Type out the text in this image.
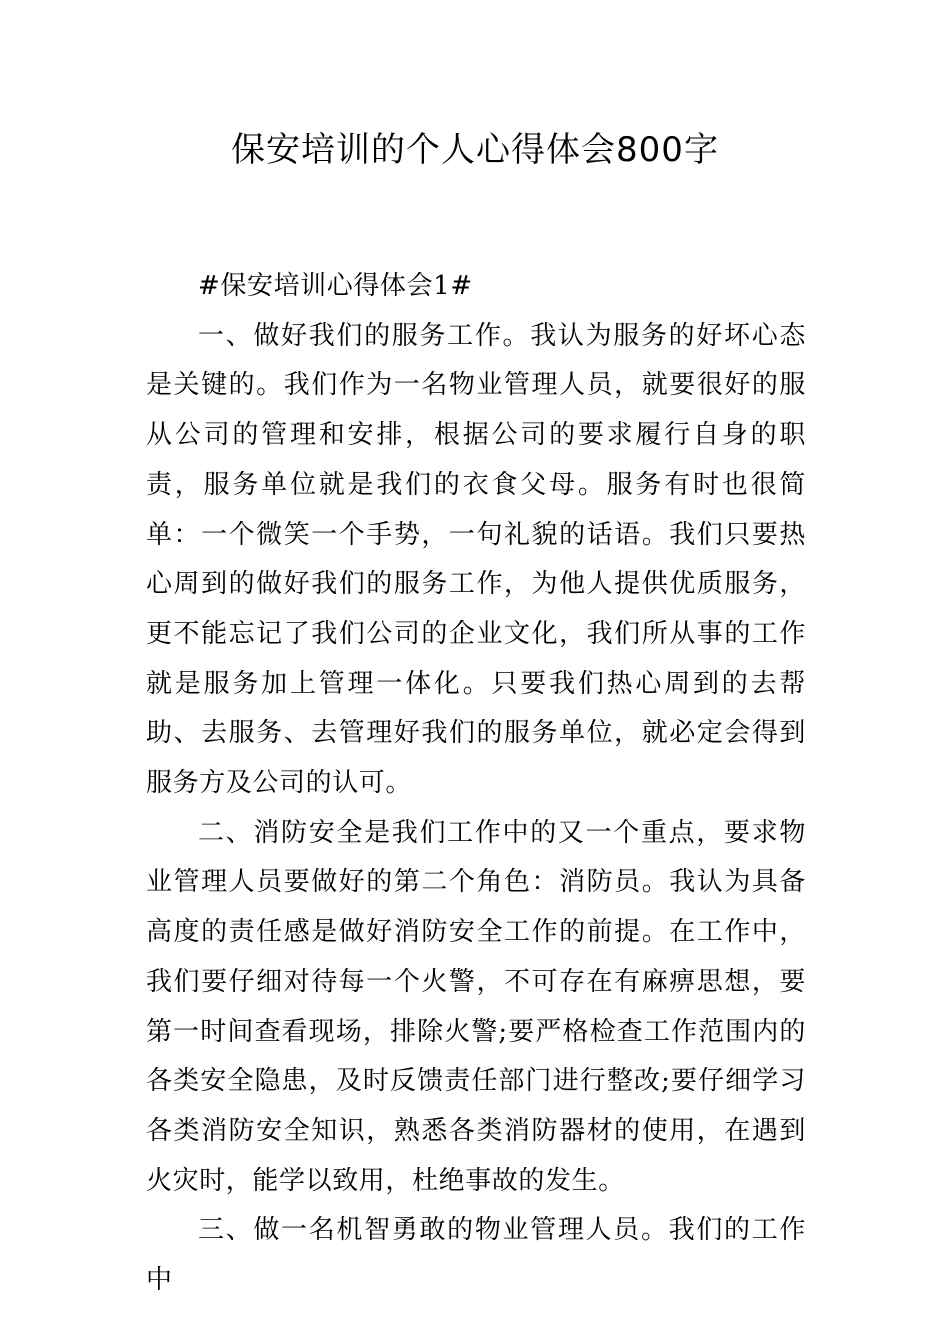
保安培训的个人心得体会800字

#保安培训心得体会1#

一、做好我们的服务工作。我认为服务的好坏心态是关键的。我们作为一名物业管理人员，就要很好的服从公司的管理和安排，根据公司的要求履行自身的职责，服务单位就是我们的衣食父母。服务有时也很简单：一个微笑一个手势，一句礼貌的话语。我们只要热心周到的做好我们的服务工作，为他人提供优质服务，更不能忘记了我们公司的企业文化，我们所从事的工作就是服务加上管理一体化。只要我们热心周到的去帮助、去服务、去管理好我们的服务单位，就必定会得到服务方及公司的认可。

二、消防安全是我们工作中的又一个重点，要求物业管理人员要做好的第二个角色：消防员。我认为具备高度的责任感是做好消防安全工作的前提。在工作中，我们要仔细对待每一个火警，不可存在有麻痹思想，要第一时间查看现场，排除火警;要严格检查工作范围内的各类安全隐患，及时反馈责任部门进行整改;要仔细学习各类消防安全知识，熟悉各类消防器材的使用，在遇到火灾时，能学以致用，杜绝事故的发生。

三、做一名机智勇敢的物业管理人员。我们的工作中
